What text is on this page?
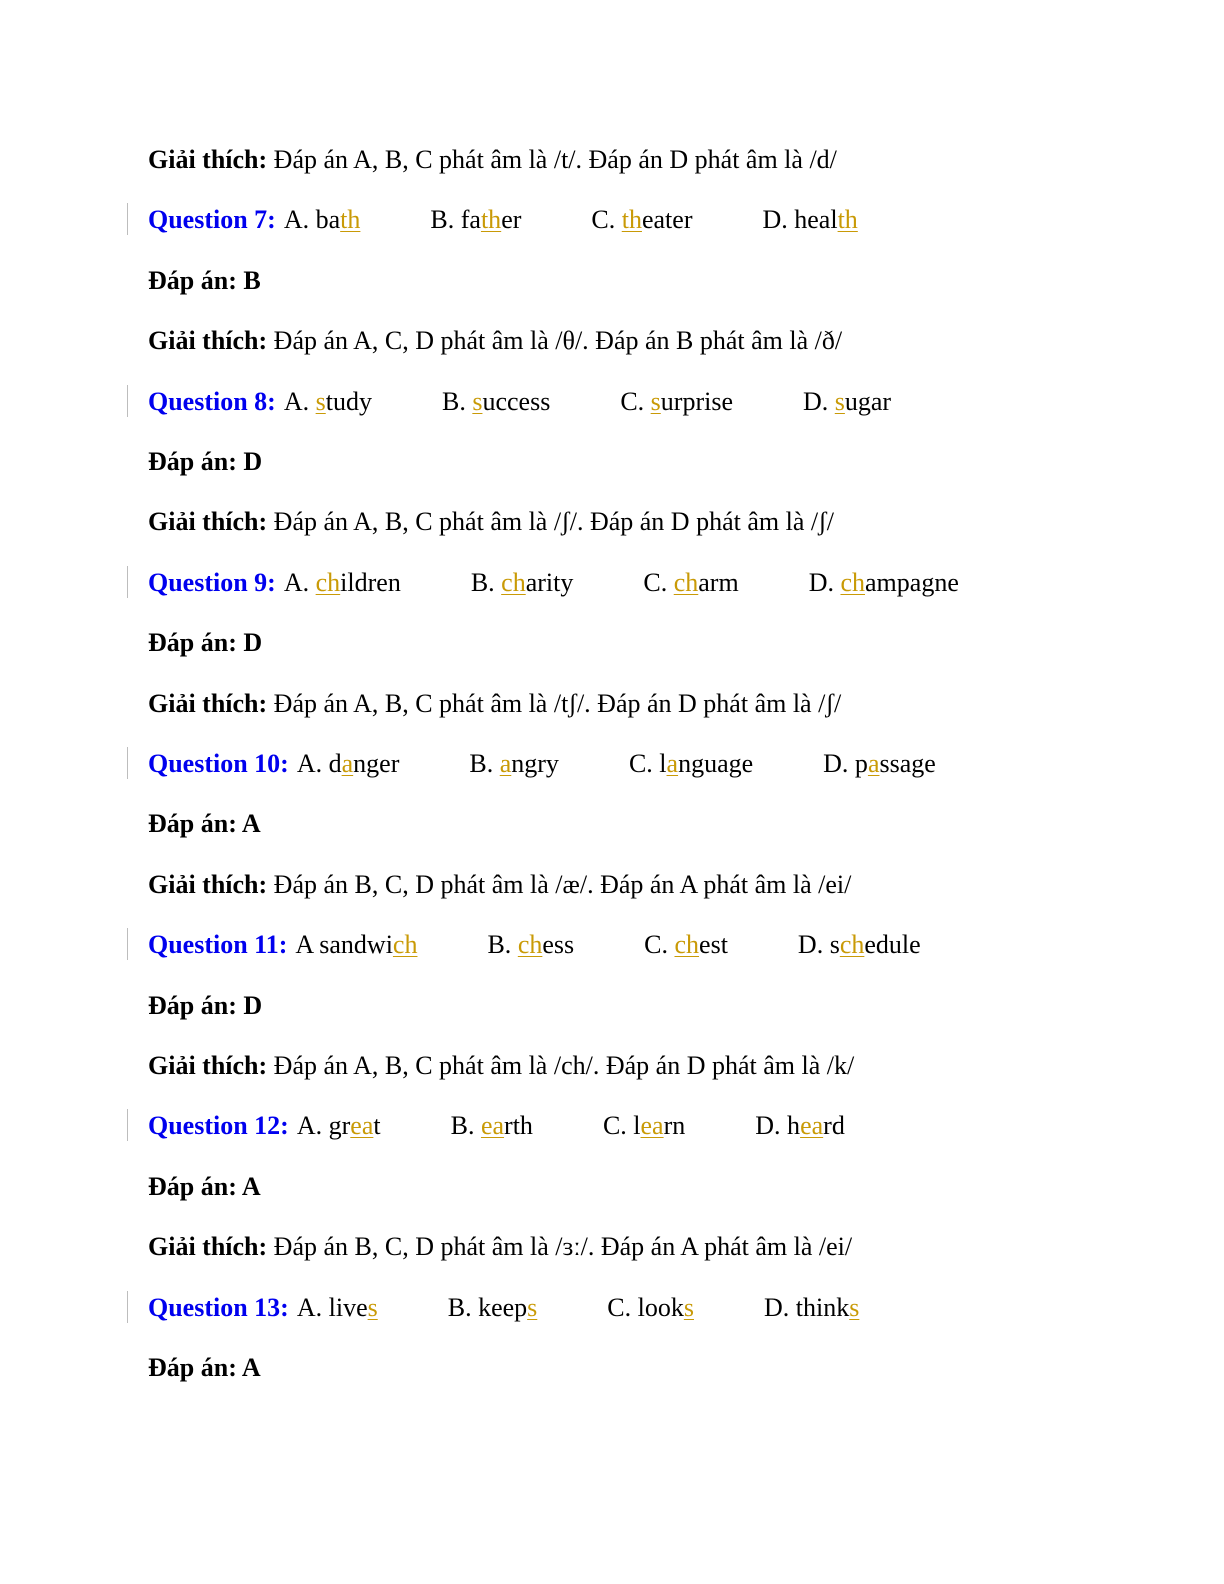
Giải thích: Đáp án A, B, C phát âm là /t/. Đáp án D phát âm là /d/
Question 7: A. bath	B. father	C. theater	D. health
Đáp án: B
Giải thích: Đáp án A, C, D phát âm là /θ/. Đáp án B phát âm là /ð/
Question 8: A. study	B. success	C. surprise	D. sugar
Đáp án: D
Giải thích: Đáp án A, B, C phát âm là /ʃ/. Đáp án D phát âm là /ʃ/
Question 9: A. children	B. charity	C. charm	D. champagne
Đáp án: D
Giải thích: Đáp án A, B, C phát âm là /tʃ/. Đáp án D phát âm là /ʃ/
Question 10: A. danger	B. angry	C. language	D. passage
Đáp án: A
Giải thích: Đáp án B, C, D phát âm là /æ/. Đáp án A phát âm là /ei/
Question 11: A sandwich	B. chess	C. chest	D. schedule
Đáp án: D
Giải thích: Đáp án A, B, C phát âm là /ch/. Đáp án D phát âm là /k/
Question 12: A. great	B. earth	C. learn	D. heard
Đáp án: A
Giải thích: Đáp án B, C, D phát âm là /ɜː/. Đáp án A phát âm là /ei/
Question 13: A. lives	B. keeps	C. looks	D. thinks
Đáp án: A
